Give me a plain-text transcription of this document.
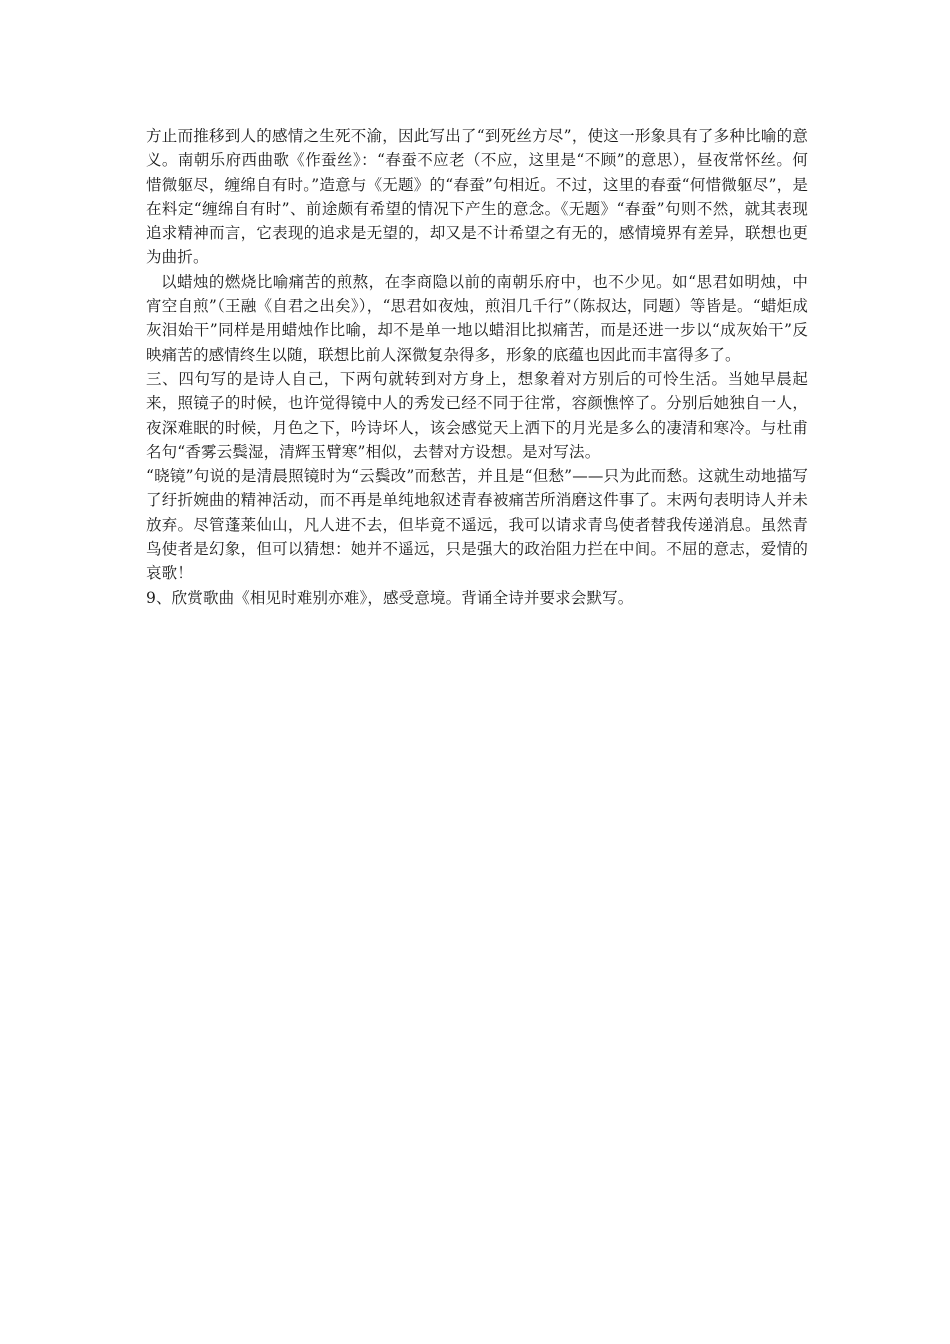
方止而推移到人的感情之生死不渝，因此写出了“到死丝方尽”，使这一形象具有了多种比喻的意义。南朝乐府西曲歌《作蚕丝》：“春蚕不应老（不应，这里是“不顾”的意思），昼夜常怀丝。何惜微躯尽，缠绵自有时。”造意与《无题》的“春蚕”句相近。不过，这里的春蚕“何惜微躯尽”，是在料定“缠绵自有时”、前途颇有希望的情况下产生的意念。《无题》“春蚕”句则不然，就其表现追求精神而言，它表现的追求是无望的，却又是不计希望之有无的，感情境界有差异，联想也更为曲折。

以蜡烛的燃烧比喻痛苦的煎熬，在李商隐以前的南朝乐府中，也不少见。如“思君如明烛，中宵空自煎”（王融《自君之出矣》），“思君如夜烛，煎泪几千行”（陈叔达，同题）等皆是。“蜡炬成灰泪始干”同样是用蜡烛作比喻，却不是单一地以蜡泪比拟痛苦，而是还进一步以“成灰始干”反映痛苦的感情终生以随，联想比前人深微复杂得多，形象的底蕴也因此而丰富得多了。

三、四句写的是诗人自己，下两句就转到对方身上，想象着对方别后的可怜生活。当她早晨起来，照镜子的时候，也许觉得镜中人的秀发已经不同于往常，容颜憔悴了。分别后她独自一人，夜深难眠的时候，月色之下，吟诗坏人，该会感觉天上洒下的月光是多么的凄清和寒冷。与杜甫名句“香雾云鬓湿，清辉玉臂寒”相似，去替对方设想。是对写法。

“晓镜”句说的是清晨照镜时为“云鬓改”而愁苦，并且是“但愁”——只为此而愁。这就生动地描写了纡折婉曲的精神活动，而不再是单纯地叙述青春被痛苦所消磨这件事了。末两句表明诗人并未放弃。尽管蓬莱仙山，凡人进不去，但毕竟不遥远，我可以请求青鸟使者替我传递消息。虽然青鸟使者是幻象，但可以猜想：她并不遥远，只是强大的政治阻力拦在中间。不屈的意志，爱情的哀歌！

9、欣赏歌曲《相见时难别亦难》，感受意境。背诵全诗并要求会默写。
